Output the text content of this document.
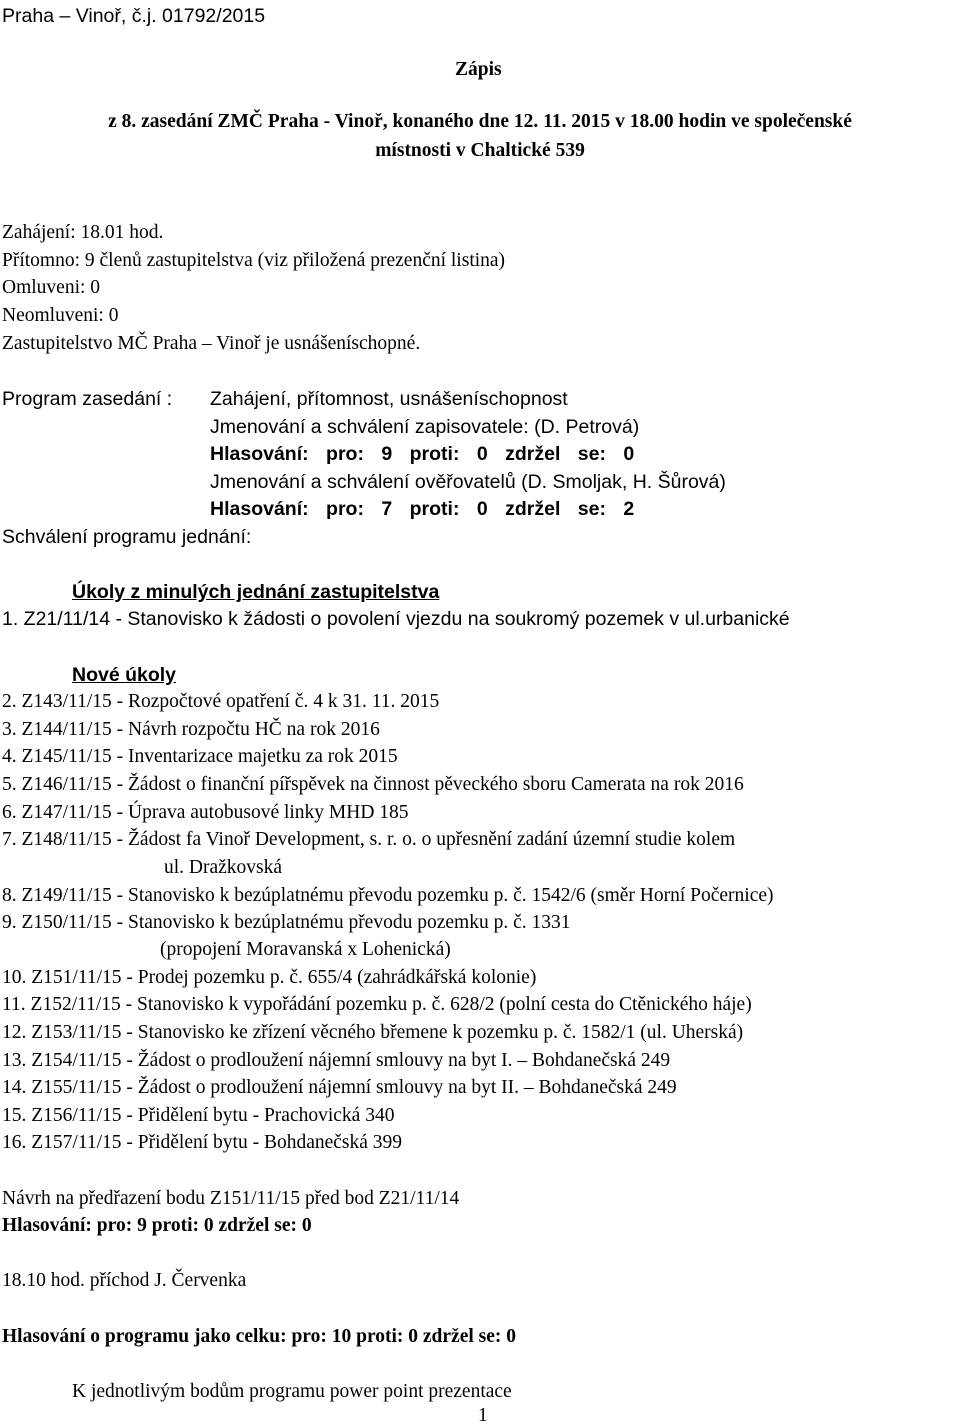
Praha – Vinoř, č.j. 01792/2015
Zápis
z 8. zasedání ZMČ Praha - Vinoř, konaného dne 12. 11. 2015 v 18.00 hodin ve společenské
místnosti v Chaltické 539
Zahájení: 18.01 hod.
Přítomno: 9 členů zastupitelstva (viz přiložená prezenční listina)
Omluveni: 0
Neomluveni: 0
Zastupitelstvo MČ Praha – Vinoř je usnášeníschopné.
Program zasedání : Zahájení, přítomnost, usnášeníschopnost
Jmenování a schválení zapisovatele: (D. Petrová)
Hlasování: pro: 9 proti: 0 zdržel se: 0
Jmenování a schválení ověřovatelů (D. Smoljak, H. Šůrová)
Hlasování: pro: 7 proti: 0 zdržel se: 2
Schválení programu jednání:
Úkoly z minulých jednání zastupitelstva
1. Z21/11/14 - Stanovisko k žádosti o povolení vjezdu na soukromý pozemek v ul.urbanické
Nové úkoly
2. Z143/11/15 - Rozpočtové opatření č. 4 k 31. 11. 2015
3. Z144/11/15 - Návrh rozpočtu HČ na rok 2016
4. Z145/11/15 - Inventarizace majetku za rok 2015
5. Z146/11/15 - Žádost o finanční pířspěvek na činnost pěveckého sboru Camerata na rok 2016
6. Z147/11/15 - Úprava autobusové linky MHD 185
7. Z148/11/15 - Žádost fa Vinoř Development, s. r. o. o upřesnění zadání územní studie kolem
ul. Dražkovská
8. Z149/11/15 - Stanovisko k bezúplatnému převodu pozemku p. č. 1542/6 (směr Horní Počernice)
9. Z150/11/15 - Stanovisko k bezúplatnému převodu pozemku p. č. 1331
(propojení Moravanská x Lohenická)
10. Z151/11/15 - Prodej pozemku p. č. 655/4 (zahrádkářská kolonie)
11. Z152/11/15 - Stanovisko k vypořádání pozemku p. č. 628/2 (polní cesta do Ctěnického háje)
12. Z153/11/15 - Stanovisko ke zřízení věcného břemene k pozemku p. č. 1582/1 (ul. Uherská)
13. Z154/11/15 - Žádost o prodloužení nájemní smlouvy na byt I. – Bohdanečská 249
14. Z155/11/15 - Žádost o prodloužení nájemní smlouvy na byt II. – Bohdanečská 249
15. Z156/11/15 - Přidělení bytu - Prachovická 340
16. Z157/11/15 - Přidělení bytu - Bohdanečská 399
Návrh na předřazení bodu Z151/11/15 před bod Z21/11/14
Hlasování: pro: 9 proti: 0 zdržel se: 0
18.10 hod. příchod J. Červenka
Hlasování o programu jako celku: pro: 10 proti: 0 zdržel se: 0
K jednotlivým bodům programu power point prezentace
1
